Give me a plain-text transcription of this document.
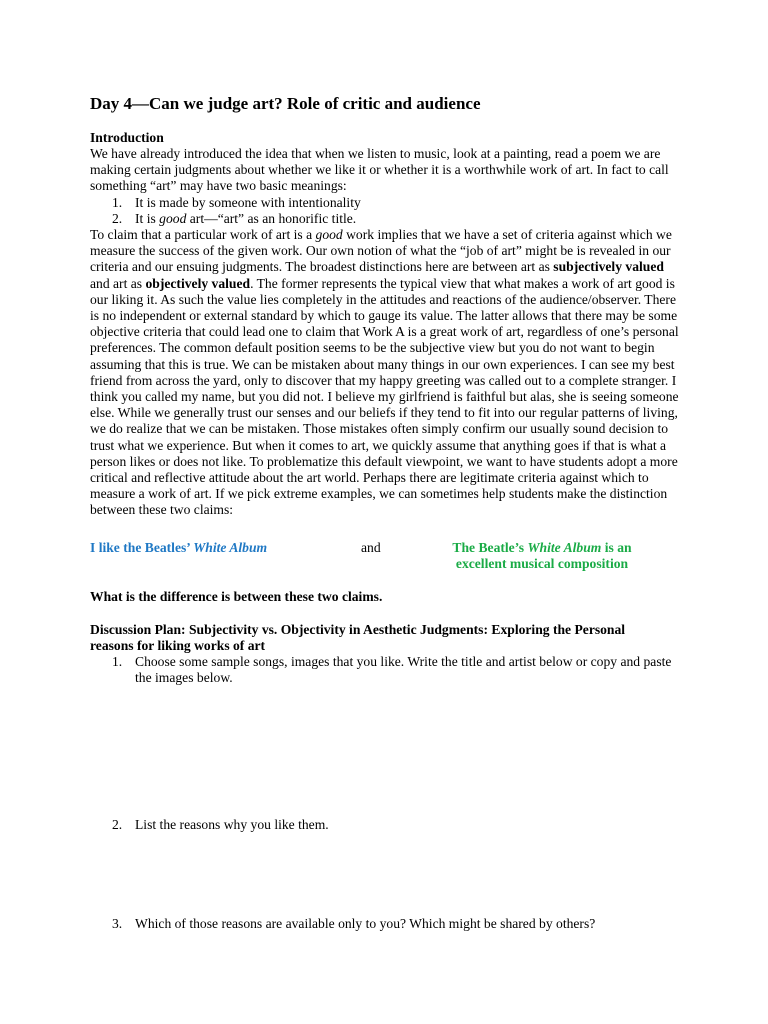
Day 4—Can we judge art? Role of critic and audience
Introduction

We have already introduced the idea that when we listen to music, look at a painting, read a poem we are making certain judgments about whether we like it or whether it is a worthwhile work of art. In fact to call something “art” may have two basic meanings:

1. It is made by someone with intentionality
2. It is good art—“art” as an honorific title.

To claim that a particular work of art is a good work implies that we have a set of criteria against which we measure the success of the given work. Our own notion of what the “job of art” might be is revealed in our criteria and our ensuing judgments. The broadest distinctions here are between art as subjectively valued and art as objectively valued. The former represents the typical view that what makes a work of art good is our liking it. As such the value lies completely in the attitudes and reactions of the audience/observer. There is no independent or external standard by which to gauge its value. The latter allows that there may be some objective criteria that could lead one to claim that Work A is a great work of art, regardless of one’s personal preferences. The common default position seems to be the subjective view but you do not want to begin assuming that this is true. We can be mistaken about many things in our own experiences. I can see my best friend from across the yard, only to discover that my happy greeting was called out to a complete stranger. I think you called my name, but you did not. I believe my girlfriend is faithful but alas, she is seeing someone else. While we generally trust our senses and our beliefs if they tend to fit into our regular patterns of living, we do realize that we can be mistaken. Those mistakes often simply confirm our usually sound decision to trust what we experience. But when it comes to art, we quickly assume that anything goes if that is what a person likes or does not like. To problematize this default viewpoint, we want to have students adopt a more critical and reflective attitude about the art world. Perhaps there are legitimate criteria against which to measure a work of art. If we pick extreme examples, we can sometimes help students make the distinction between these two claims:

I like the Beatles’ White Album	and	The Beatle’s White Album is an excellent musical composition
What is the difference is between these two claims.
Discussion Plan: Subjectivity vs. Objectivity in Aesthetic Judgments: Exploring the Personal reasons for liking works of art
1. Choose some sample songs, images that you like. Write the title and artist below or copy and paste the images below.
2. List the reasons why you like them.
3. Which of those reasons are available only to you? Which might be shared by others?
